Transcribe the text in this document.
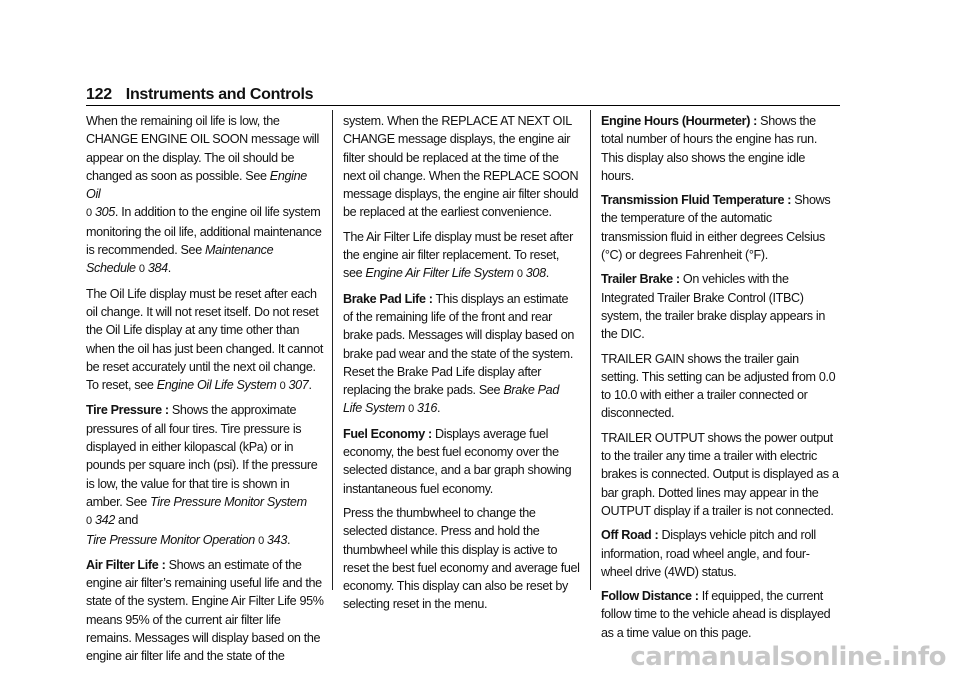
122 Instruments and Controls

When the remaining oil life is low, the CHANGE ENGINE OIL SOON message will appear on the display. The oil should be changed as soon as possible. See Engine Oil
0 305. In addition to the engine oil life system monitoring the oil life, additional maintenance is recommended. See Maintenance Schedule 0 384.

The Oil Life display must be reset after each oil change. It will not reset itself. Do not reset the Oil Life display at any time other than when the oil has just been changed. It cannot be reset accurately until the next oil change. To reset, see Engine Oil Life System 0 307.

Tire Pressure : Shows the approximate pressures of all four tires. Tire pressure is displayed in either kilopascal (kPa) or in pounds per square inch (psi). If the pressure is low, the value for that tire is shown in amber. See Tire Pressure Monitor System
0 342 and
Tire Pressure Monitor Operation 0 343.

Air Filter Life : Shows an estimate of the engine air filter’s remaining useful life and the state of the system. Engine Air Filter Life 95% means 95% of the current air filter life remains. Messages will display based on the engine air filter life and the state of the

system. When the REPLACE AT NEXT OIL CHANGE message displays, the engine air filter should be replaced at the time of the next oil change. When the REPLACE SOON message displays, the engine air filter should be replaced at the earliest convenience.

The Air Filter Life display must be reset after the engine air filter replacement. To reset, see Engine Air Filter Life System 0 308.

Brake Pad Life : This displays an estimate of the remaining life of the front and rear brake pads. Messages will display based on brake pad wear and the state of the system. Reset the Brake Pad Life display after replacing the brake pads. See Brake Pad Life System 0 316.

Fuel Economy : Displays average fuel economy, the best fuel economy over the selected distance, and a bar graph showing instantaneous fuel economy.

Press the thumbwheel to change the selected distance. Press and hold the thumbwheel while this display is active to reset the best fuel economy and average fuel economy. This display can also be reset by selecting reset in the menu.

Engine Hours (Hourmeter) : Shows the total number of hours the engine has run. This display also shows the engine idle hours.

Transmission Fluid Temperature : Shows the temperature of the automatic transmission fluid in either degrees Celsius (°C) or degrees Fahrenheit (°F).

Trailer Brake : On vehicles with the Integrated Trailer Brake Control (ITBC) system, the trailer brake display appears in the DIC.

TRAILER GAIN shows the trailer gain setting. This setting can be adjusted from 0.0 to 10.0 with either a trailer connected or disconnected.

TRAILER OUTPUT shows the power output to the trailer any time a trailer with electric brakes is connected. Output is displayed as a bar graph. Dotted lines may appear in the OUTPUT display if a trailer is not connected.

Off Road : Displays vehicle pitch and roll information, road wheel angle, and four-wheel drive (4WD) status.

Follow Distance : If equipped, the current follow time to the vehicle ahead is displayed as a time value on this page.

carmanualsonline.info
